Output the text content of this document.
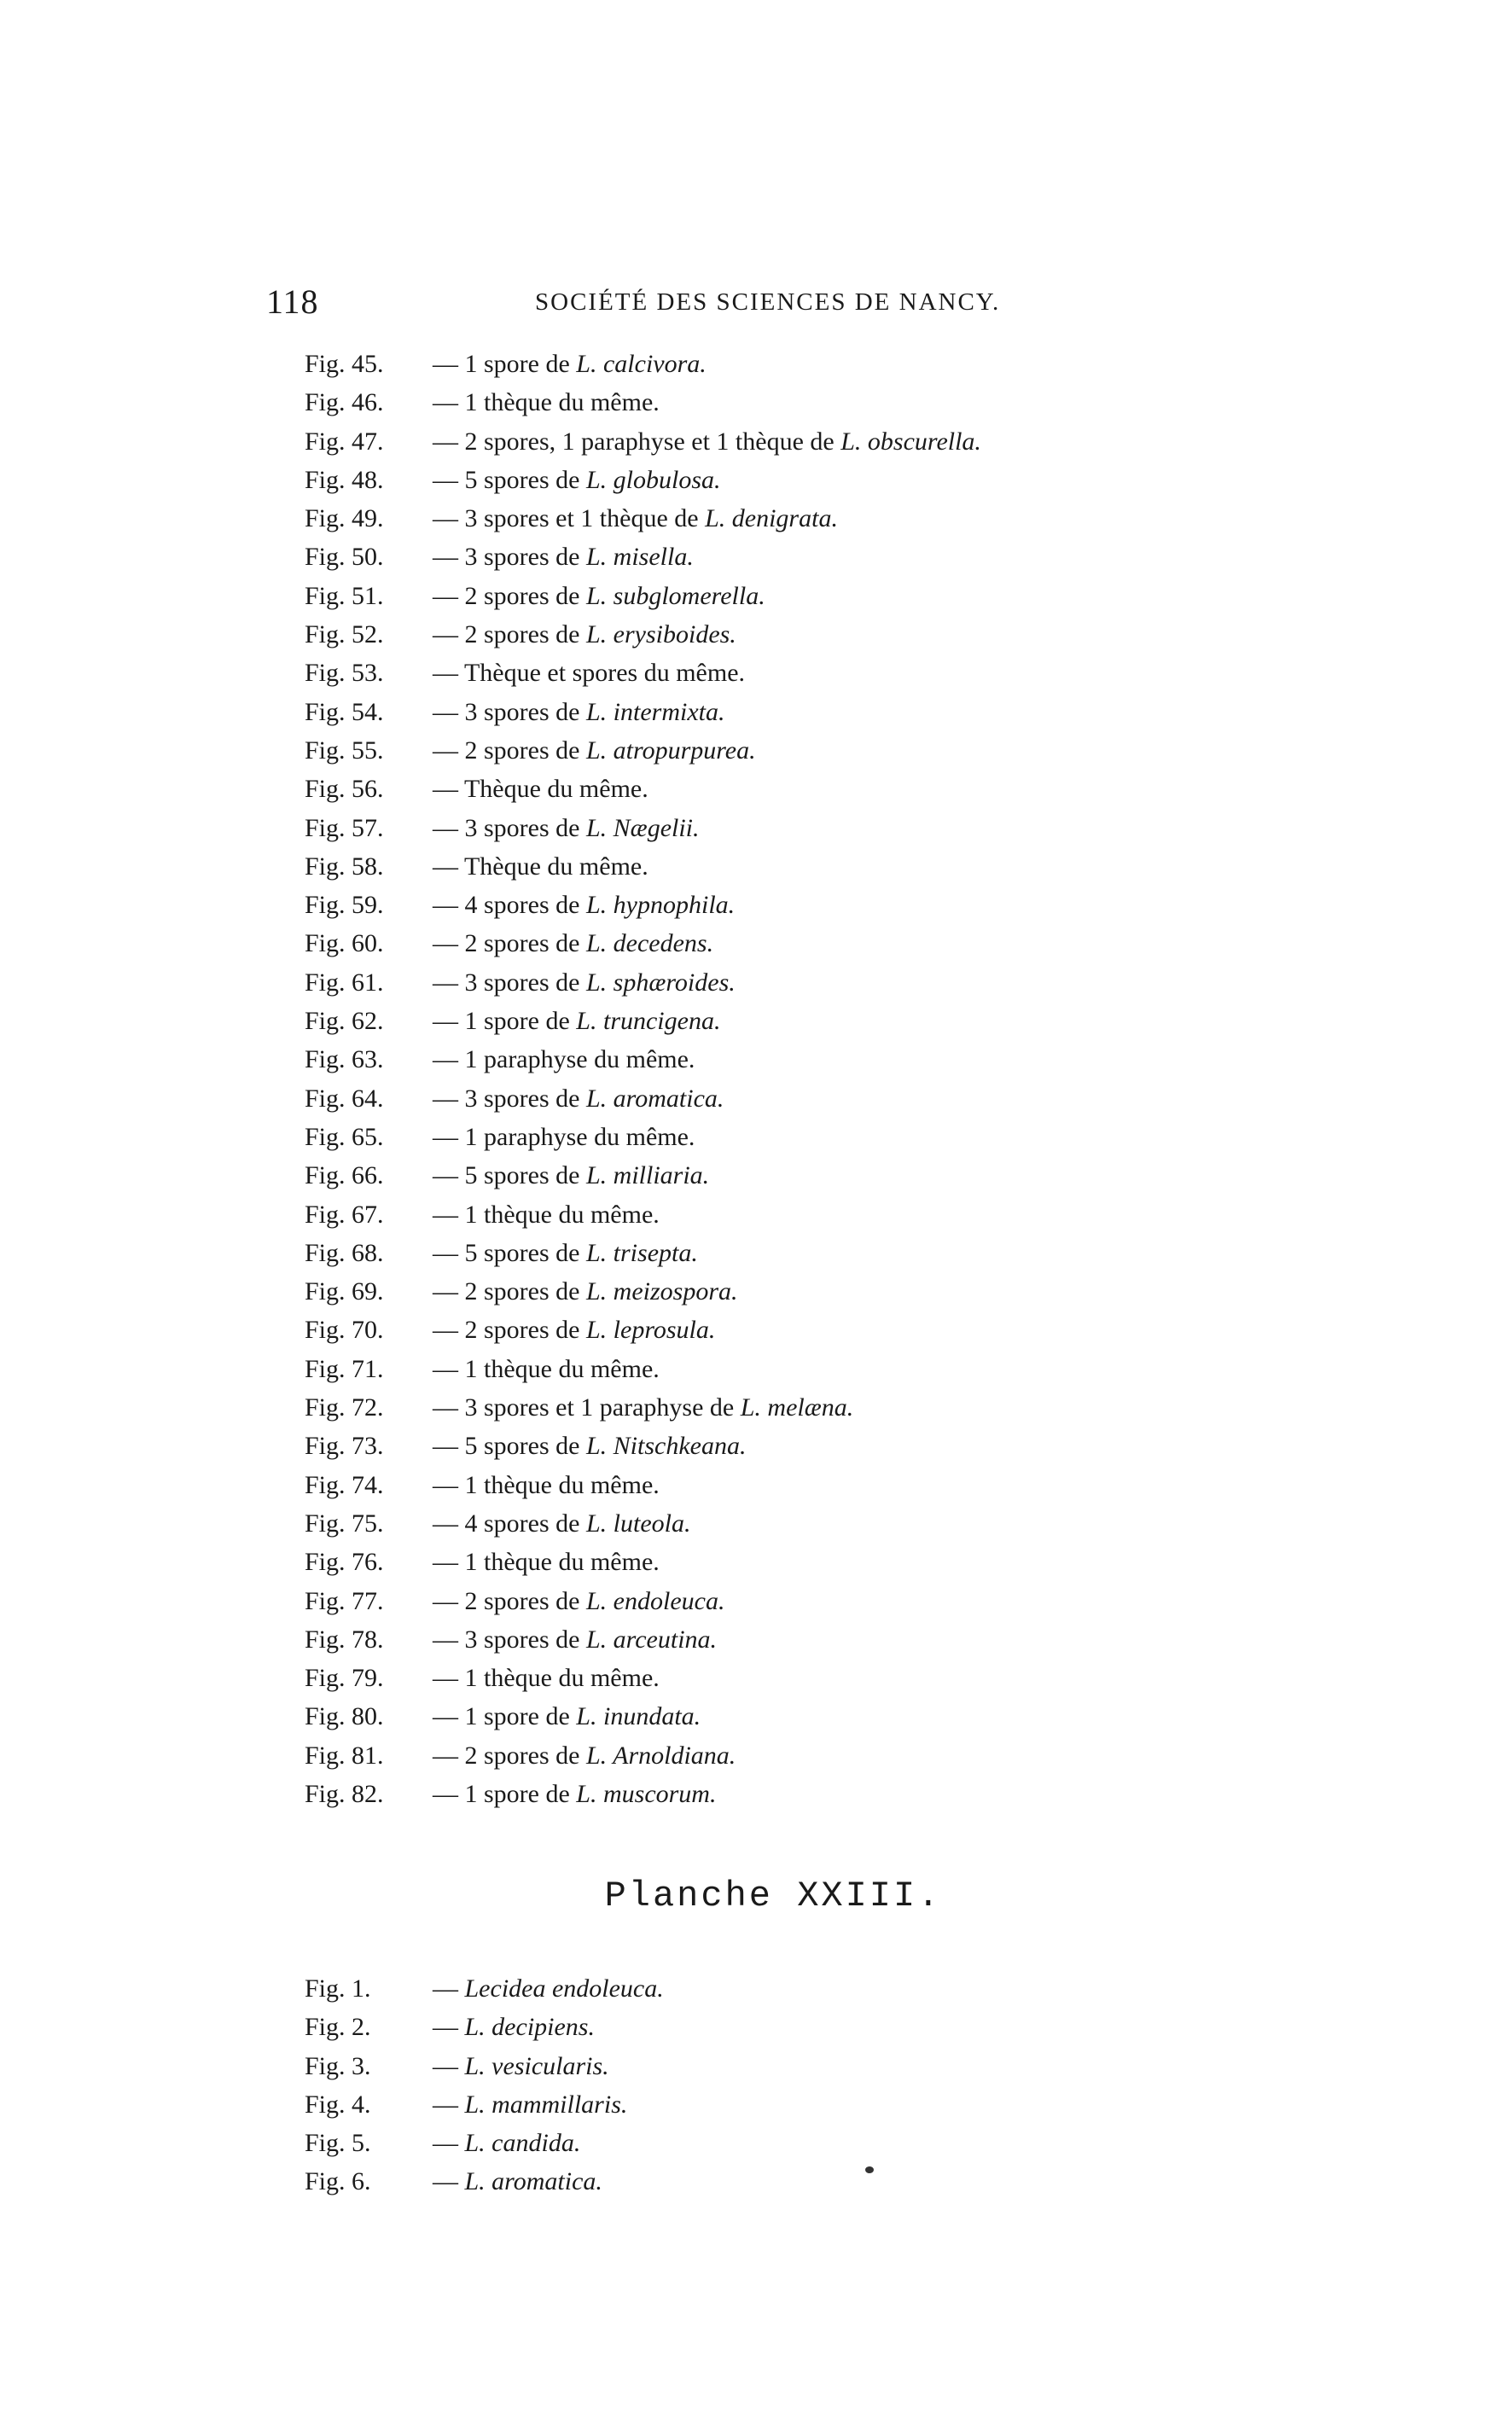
118	SOCIÉTÉ DES SCIENCES DE NANCY.
Fig. 45. — 1 spore de L. calcivora.
Fig. 46. — 1 thèque du même.
Fig. 47. — 2 spores, 1 paraphyse et 1 thèque de L. obscurella.
Fig. 48. — 5 spores de L. globulosa.
Fig. 49. — 3 spores et 1 thèque de L. denigrata.
Fig. 50. — 3 spores de L. misella.
Fig. 51. — 2 spores de L. subglomerella.
Fig. 52. — 2 spores de L. erysiboides.
Fig. 53. — Thèque et spores du même.
Fig. 54. — 3 spores de L. intermixta.
Fig. 55. — 2 spores de L. atropurpurea.
Fig. 56. — Thèque du même.
Fig. 57. — 3 spores de L. Nægelii.
Fig. 58. — Thèque du même.
Fig. 59. — 4 spores de L. hypnophila.
Fig. 60. — 2 spores de L. decedens.
Fig. 61. — 3 spores de L. sphæroides.
Fig. 62. — 1 spore de L. truncigena.
Fig. 63. — 1 paraphyse du même.
Fig. 64. — 3 spores de L. aromatica.
Fig. 65. — 1 paraphyse du même.
Fig. 66. — 5 spores de L. milliaria.
Fig. 67. — 1 thèque du même.
Fig. 68. — 5 spores de L. trisepta.
Fig. 69. — 2 spores de L. meizospora.
Fig. 70. — 2 spores de L. leprosula.
Fig. 71. — 1 thèque du même.
Fig. 72. — 3 spores et 1 paraphyse de L. melæna.
Fig. 73. — 5 spores de L. Nitschkeana.
Fig. 74. — 1 thèque du même.
Fig. 75. — 4 spores de L. luteola.
Fig. 76. — 1 thèque du même.
Fig. 77. — 2 spores de L. endoleuca.
Fig. 78. — 3 spores de L. arceutina.
Fig. 79. — 1 thèque du même.
Fig. 80. — 1 spore de L. inundata.
Fig. 81. — 2 spores de L. Arnoldiana.
Fig. 82. — 1 spore de L. muscorum.
Planche XXIII.
Fig. 1. — Lecidea endoleuca.
Fig. 2. — L. decipiens.
Fig. 3. — L. vesicularis.
Fig. 4. — L. mammillaris.
Fig. 5. — L. candida.
Fig. 6. — L. aromatica.
